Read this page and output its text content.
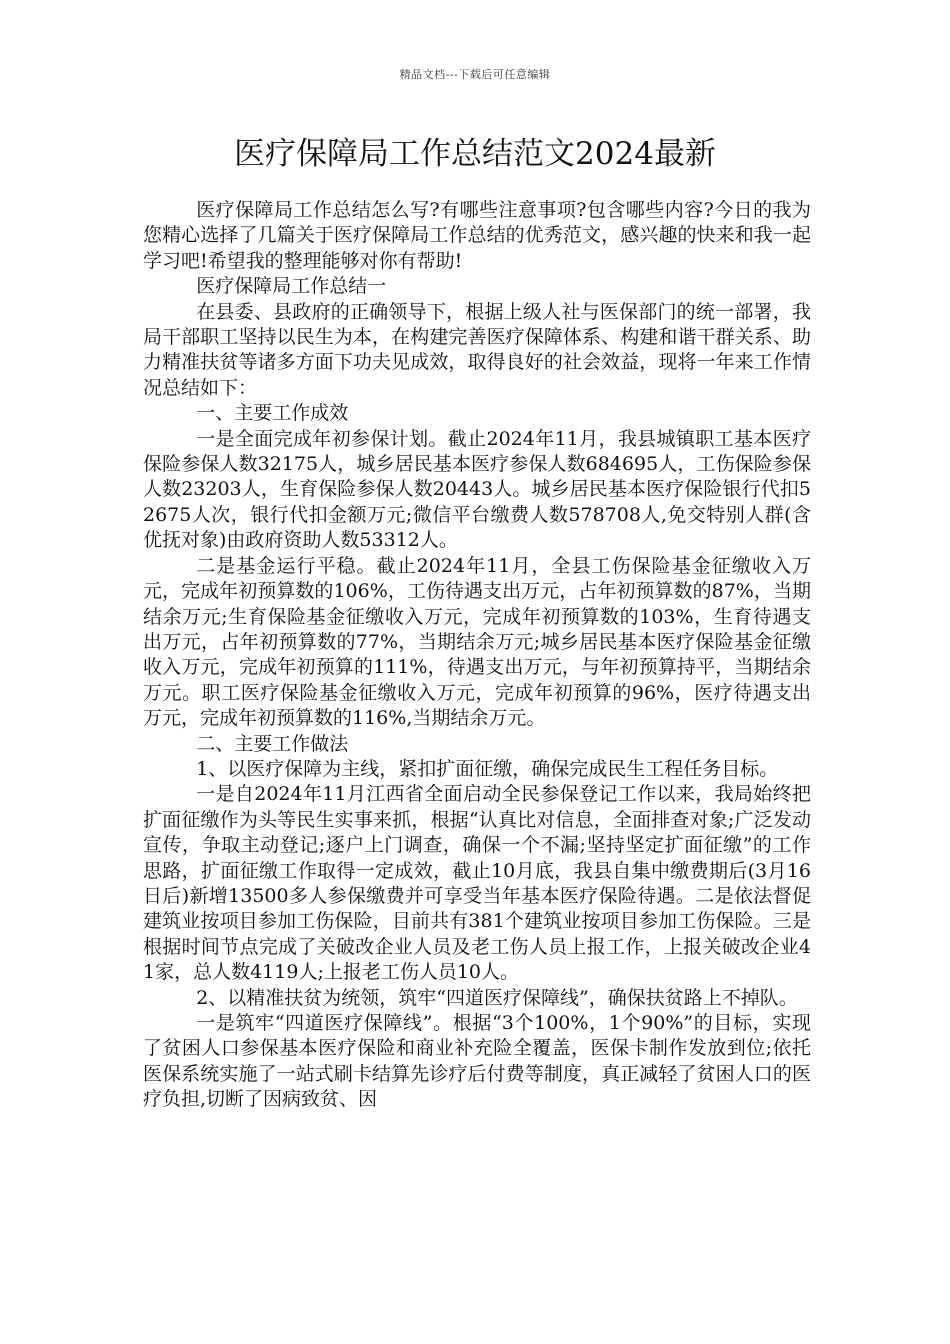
精品文档---下载后可任意编辑
医疗保障局工作总结范文2024最新

医疗保障局工作总结怎么写?有哪些注意事项?包含哪些内容?今日的我为您精心选择了几篇关于医疗保障局工作总结的优秀范文，感兴趣的快来和我一起学习吧!希望我的整理能够对你有帮助!

医疗保障局工作总结一

在县委、县政府的正确领导下，根据上级人社与医保部门的统一部署，我局干部职工坚持以民生为本，在构建完善医疗保障体系、构建和谐干群关系、助力精准扶贫等诸多方面下功夫见成效，取得良好的社会效益，现将一年来工作情况总结如下：

一、主要工作成效

一是全面完成年初参保计划。截止2024年11月，我县城镇职工基本医疗保险参保人数32175人，城乡居民基本医疗参保人数684695人，工伤保险参保人数23203人，生育保险参保人数20443人。城乡居民基本医疗保险银行代扣52675人次，银行代扣金额万元;微信平台缴费人数578708人,免交特别人群(含优抚对象)由政府资助人数53312人。

二是基金运行平稳。截止2024年11月，全县工伤保险基金征缴收入万元，完成年初预算数的106%，工伤待遇支出万元，占年初预算数的87%，当期结余万元;生育保险基金征缴收入万元，完成年初预算数的103%，生育待遇支出万元，占年初预算数的77%，当期结余万元;城乡居民基本医疗保险基金征缴收入万元，完成年初预算的111%，待遇支出万元，与年初预算持平，当期结余万元。职工医疗保险基金征缴收入万元，完成年初预算的96%，医疗待遇支出万元，完成年初预算数的116%,当期结余万元。

二、主要工作做法

1、以医疗保障为主线，紧扣扩面征缴，确保完成民生工程任务目标。

一是自2024年11月江西省全面启动全民参保登记工作以来，我局始终把扩面征缴作为头等民生实事来抓，根据“认真比对信息，全面排查对象;广泛发动宣传，争取主动登记;逐户上门调查，确保一个不漏;坚持坚定扩面征缴”的工作思路，扩面征缴工作取得一定成效，截止10月底，我县自集中缴费期后(3月16日后)新增13500多人参保缴费并可享受当年基本医疗保险待遇。二是依法督促建筑业按项目参加工伤保险，目前共有381个建筑业按项目参加工伤保险。三是根据时间节点完成了关破改企业人员及老工伤人员上报工作，上报关破改企业41家，总人数4119人;上报老工伤人员10人。

2、以精准扶贫为统领，筑牢“四道医疗保障线”，确保扶贫路上不掉队。

一是筑牢“四道医疗保障线”。根据“3个100%，1个90%”的目标，实现了贫困人口参保基本医疗保险和商业补充险全覆盖，医保卡制作发放到位;依托医保系统实施了一站式刷卡结算先诊疗后付费等制度，真正减轻了贫困人口的医疗负担,切断了因病致贫、因
